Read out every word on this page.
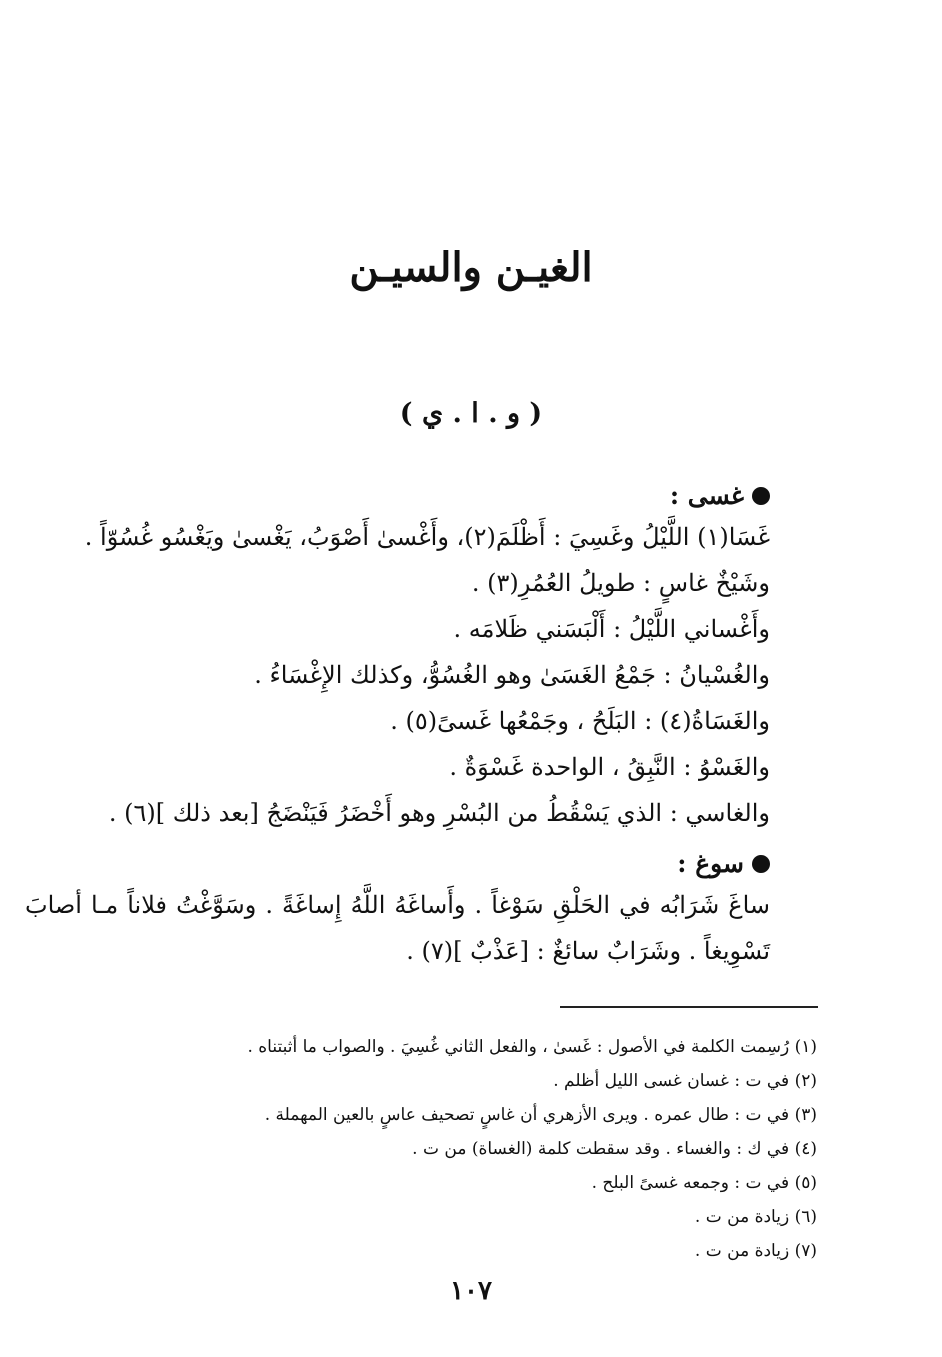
الغيـن والسيـن
( و . ا . ي )
غسى :
غَسَا(١) اللَّيْلُ وغَسِيَ : أَظْلَمَ(٢)، وأَغْسىٰ أَصْوَبُ، يَغْسىٰ ويَغْسُو غُسُوّاً .
وشَيْخٌ غاسٍ : طويلُ العُمُرِ(٣) .
وأَغْساني اللَّيْلُ : أَلْبَسَني ظَلامَه .
والغُسْيانُ : جَمْعُ الغَسَىٰ وهو الغُسُوُّ، وكذلك الإِغْسَاءُ .
والغَسَاةُ(٤) : البَلَحُ ، وجَمْعُها غَسىً(٥) .
والغَسْوُ : النَّبِقُ ، الواحدة غَسْوَةٌ .
والغاسي : الذي يَسْقُطُ من البُسْرِ وهو أَخْضَرُ فَيَنْضَجُ [بعد ذلك ](٦) .
سوغ :
ساغَ شَرَابُه في الحَلْقِ سَوْغاً . وأَساغَهُ اللَّهُ إِساغَةً . وسَوَّغْتُ فلاناً مـا أصابَ
تَسْوِيغاً . وشَرَابٌ سائغٌ : [عَذْبٌ ](٧) .
(١) رُسِمت الكلمة في الأصول : غَسىٰ ، والفعل الثاني غُسِيَ . والصواب ما أثبتناه .
(٢) في ت : غسان غسى الليل أظلم .
(٣) في ت : طال عمره . ويرى الأزهري أن غاسٍ تصحيف عاسٍ بالعين المهملة .
(٤) في ك : والغساء . وقد سقطت كلمة (الغساة) من ت .
(٥) في ت : وجمعه غسىً البلح .
(٦) زيادة من ت .
(٧) زيادة من ت .
١٠٧
